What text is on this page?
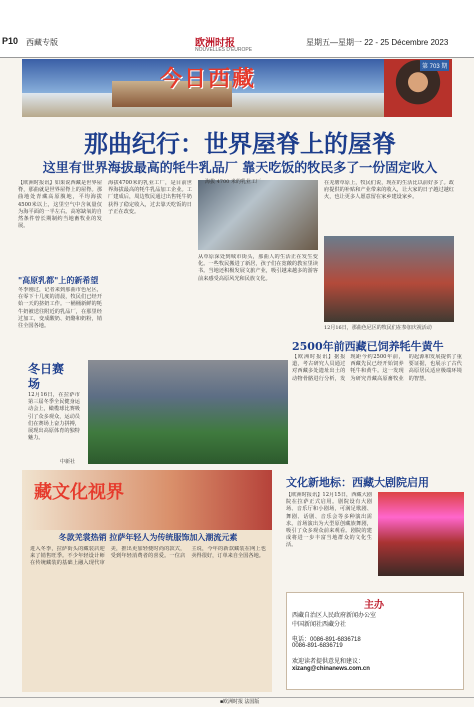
P10 西藏专版	欧洲时报
NOUVELLES D'EUROPE
星期五—星期一 22 - 25 Décembre 2023
今日西藏	第 703 期
那曲纪行：世界屋脊上的屋脊
这里有世界海拔最高的牦牛乳品厂 靠天吃饭的牧民多了一份固定收入
【欧洲时报讯】如果说西藏是世界屋脊，那曲就是世界屋脊上的屋脊。那曲地处青藏高原腹地，平均海拔4500米以上，这里空气中含氧量仅为海平面的一半左右。高寒缺氧的自然条件曾长期制约当地畜牧业的发展。
"高原乳都"上的新希望
冬季刚过，记者来到那曲市色尼区，在零下十几度的清晨，牧民们已经开始一天的挤奶工作。一桶桶新鲜的牦牛奶被送往附近的乳品厂，在那里经过加工，变成酸奶、奶酪和奶粉，销往全国各地。
海拔4700米的乳业工厂，是目前世界海拔最高的牦牛乳品加工企业。工厂建成后，周边牧民通过出售牦牛奶获得了稳定收入，过去靠天吃饭的日子正在改变。
海拔 4700 米的乳业工厂
从草原深处到城市街头，那曲人的生活正在发生变化。一些牧民搬进了新居，孩子们在宽敞的教室里读书。当地还积极发展文旅产业，吸引越来越多的游客前来感受高原风光和民族文化。
在羌塘草原上，牧民们说，现在的生活比以前好多了。政府提供的补贴和产业带来的收入，让大家的日子越过越红火，也让更多人愿意留在家乡建设家乡。
12月16日，那曲色尼区的牧民们在参加庆祝活动
冬日赛场
12月16日，在拉萨市第三届冬季全民健身运动会上，橄榄球比赛吸引了众多观众，运动员们在赛场上奋力拼搏，展现出高原体育的独特魅力。
中新社
藏文化视界
冬款羌裳热销 拉萨年轻人为传统服饰加入潮流元素
进入冬季，拉萨街头的藏装店迎来了销售旺季。不少年轻设计师在传统藏装的基础上融入现代审美，推出更加轻便时尚的款式，受到年轻消费者的喜爱。一位店主说，今年的新款藏装在网上也卖得很好，订单来自全国各地。
2500年前西藏已饲养牦牛黄牛
【欧洲时报讯】据报道，考古研究人员通过对西藏多处遗址出土的动物骨骼进行分析，发现距今约2500年前，西藏先民已经开始饲养牦牛和黄牛。这一发现为研究青藏高原畜牧业的起源和发展提供了重要证据，也展示了古代高原居民适应极端环境的智慧。
文化新地标：西藏大剧院启用
【欧洲时报讯】12月15日，西藏大剧院在拉萨正式启用。剧院设有大剧场、音乐厅和小剧场，可满足歌剧、舞剧、话剧、音乐会等多种演出需求。首场演出为大型原创藏族舞剧，吸引了众多观众前来观看。剧院的建成将进一步丰富当地群众的文化生活。
主办
西藏自治区人民政府新闻办公室
中国新闻社西藏分社
电话：0086-891-6836718
0086-891-6836719
欢迎读者提供意见和建议：
xizang@chinanews.com.cn
■欧洲时报 法国版
